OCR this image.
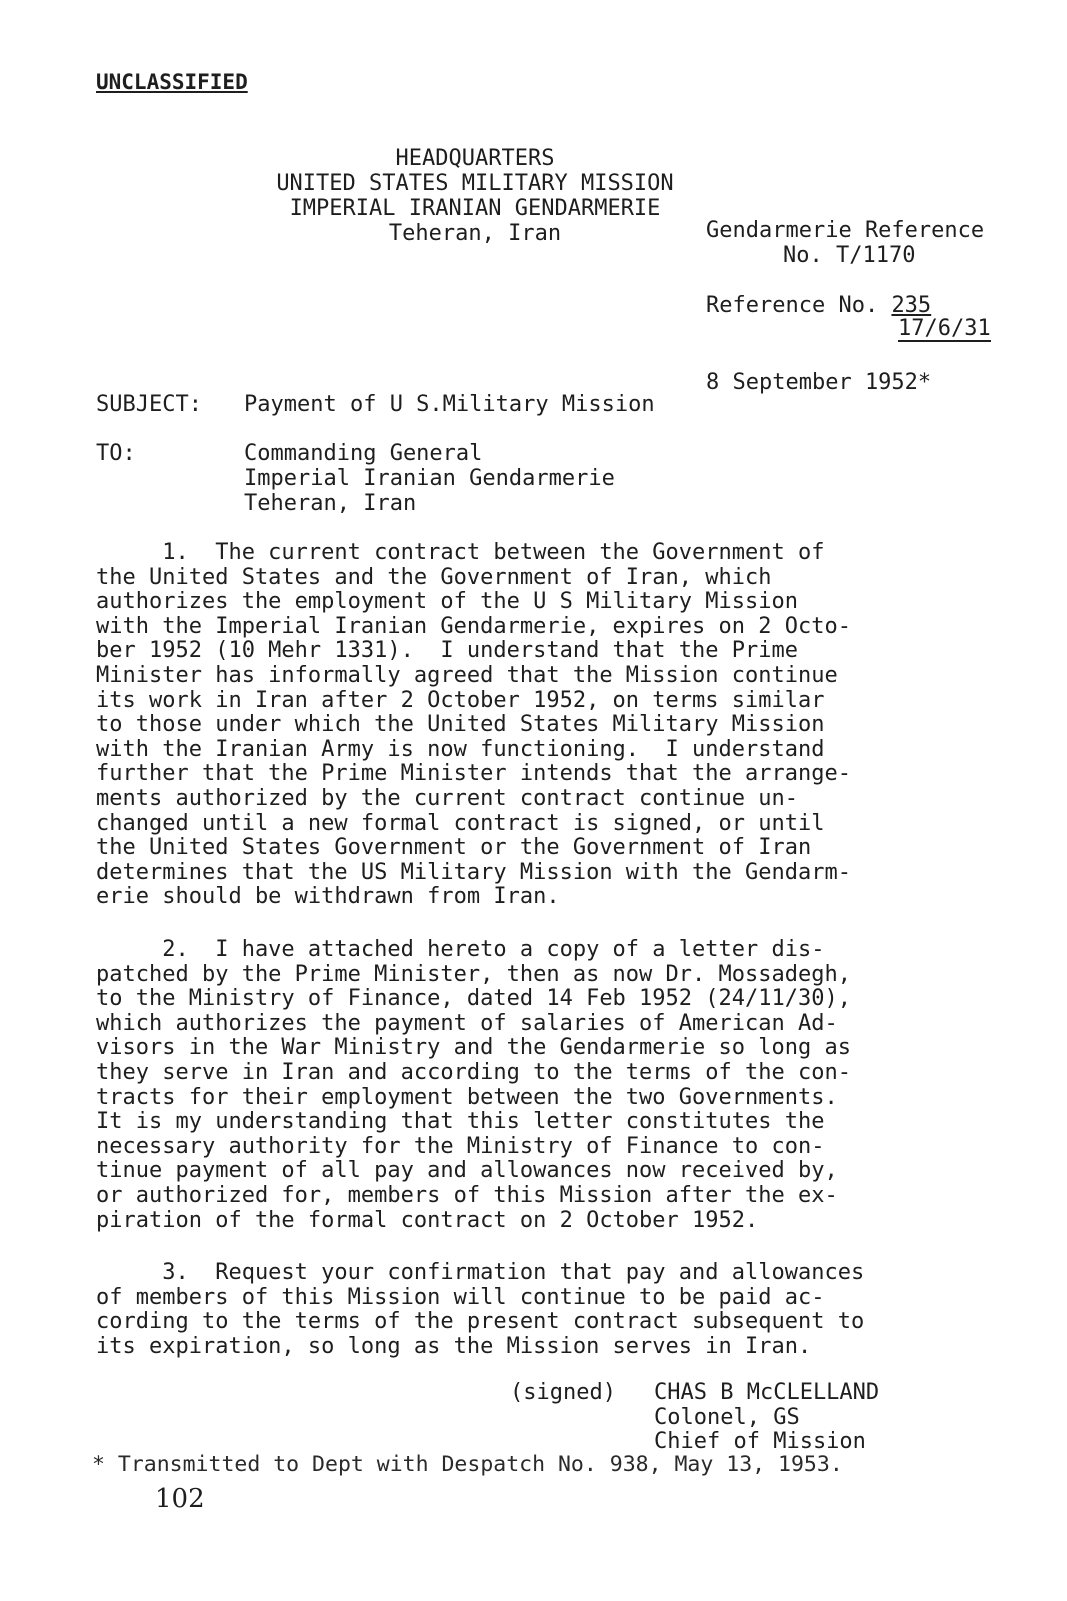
UNCLASSIFIED
HEADQUARTERS
UNITED STATES MILITARY MISSION
IMPERIAL IRANIAN GENDARMERIE
Teheran, Iran	Gendarmerie Reference
No. T/1170
Reference No. 235
17/6/31
8 September 1952*
SUBJECT: Payment of U S.Military Mission
TO:	Commanding General
Imperial Iranian Gendarmerie
Teheran, Iran
1.  The current contract between the Government of
the United States and the Government of Iran, which
authorizes the employment of the U S Military Mission
with the Imperial Iranian Gendarmerie, expires on 2 Octo-
ber 1952 (10 Mehr 1331).  I understand that the Prime
Minister has informally agreed that the Mission continue
its work in Iran after 2 October 1952, on terms similar
to those under which the United States Military Mission
with the Iranian Army is now functioning.  I understand
further that the Prime Minister intends that the arrange-
ments authorized by the current contract continue un-
changed until a new formal contract is signed, or until
the United States Government or the Government of Iran
determines that the US Military Mission with the Gendarm-
erie should be withdrawn from Iran.
2.  I have attached hereto a copy of a letter dis-
patched by the Prime Minister, then as now Dr. Mossadegh,
to the Ministry of Finance, dated 14 Feb 1952 (24/11/30),
which authorizes the payment of salaries of American Ad-
visors in the War Ministry and the Gendarmerie so long as
they serve in Iran and according to the terms of the con-
tracts for their employment between the two Governments.
It is my understanding that this letter constitutes the
necessary authority for the Ministry of Finance to con-
tinue payment of all pay and allowances now received by,
or authorized for, members of this Mission after the ex-
piration of the formal contract on 2 October 1952.
3.  Request your confirmation that pay and allowances
of members of this Mission will continue to be paid ac-
cording to the terms of the present contract subsequent to
its expiration, so long as the Mission serves in Iran.
(signed) CHAS B McCLELLAND
Colonel, GS
Chief of Mission
* Transmitted to Dept with Despatch No. 938, May 13, 1953.
102
